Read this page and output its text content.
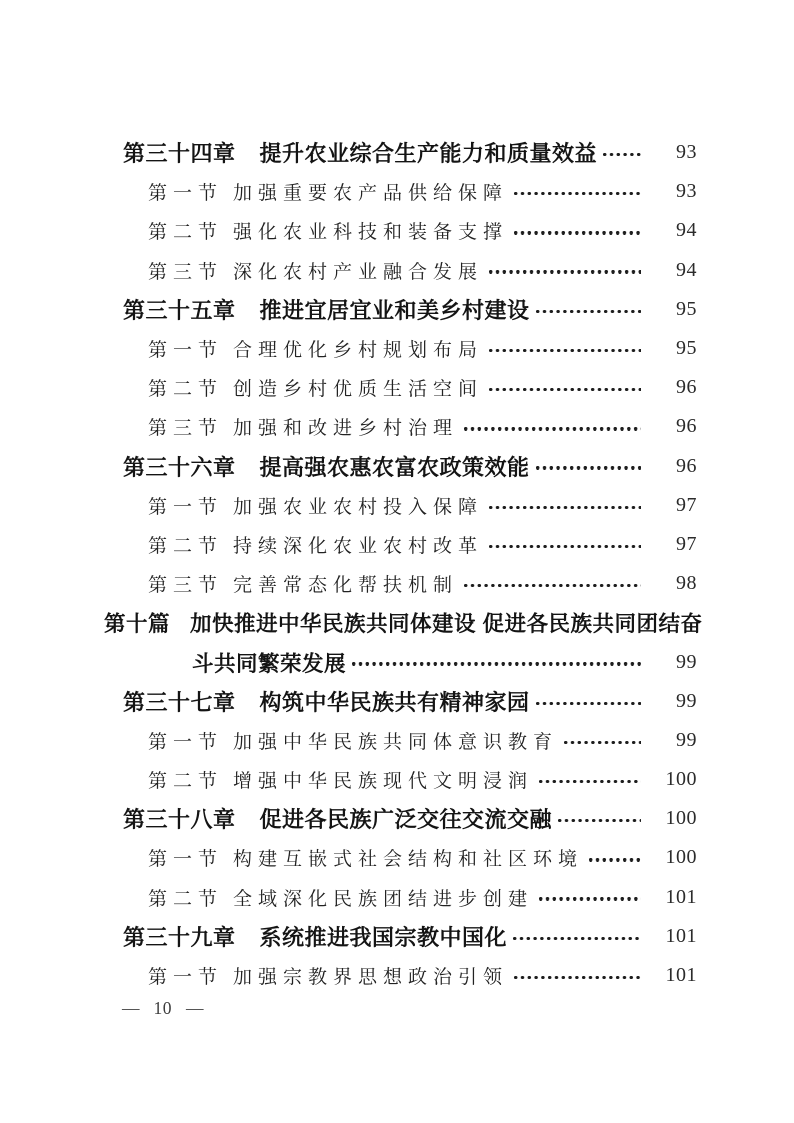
第三十四章 提升农业综合生产能力和质量效益	93
第一节 加强重要农产品供给保障	93
第二节 强化农业科技和装备支撑	94
第三节 深化农村产业融合发展	94
第三十五章 推进宜居宜业和美乡村建设	95
第一节 合理优化乡村规划布局	95
第二节 创造乡村优质生活空间	96
第三节 加强和改进乡村治理	96
第三十六章 提高强农惠农富农政策效能	96
第一节 加强农业农村投入保障	97
第二节 持续深化农业农村改革	97
第三节 完善常态化帮扶机制	98
第十篇 加快推进中华民族共同体建设 促进各民族共同团结奋
斗共同繁荣发展	99
第三十七章 构筑中华民族共有精神家园	99
第一节 加强中华民族共同体意识教育	99
第二节 增强中华民族现代文明浸润	100
第三十八章 促进各民族广泛交往交流交融	100
第一节 构建互嵌式社会结构和社区环境	100
第二节 全域深化民族团结进步创建	101
第三十九章 系统推进我国宗教中国化	101
第一节 加强宗教界思想政治引领	101
— 10 —
